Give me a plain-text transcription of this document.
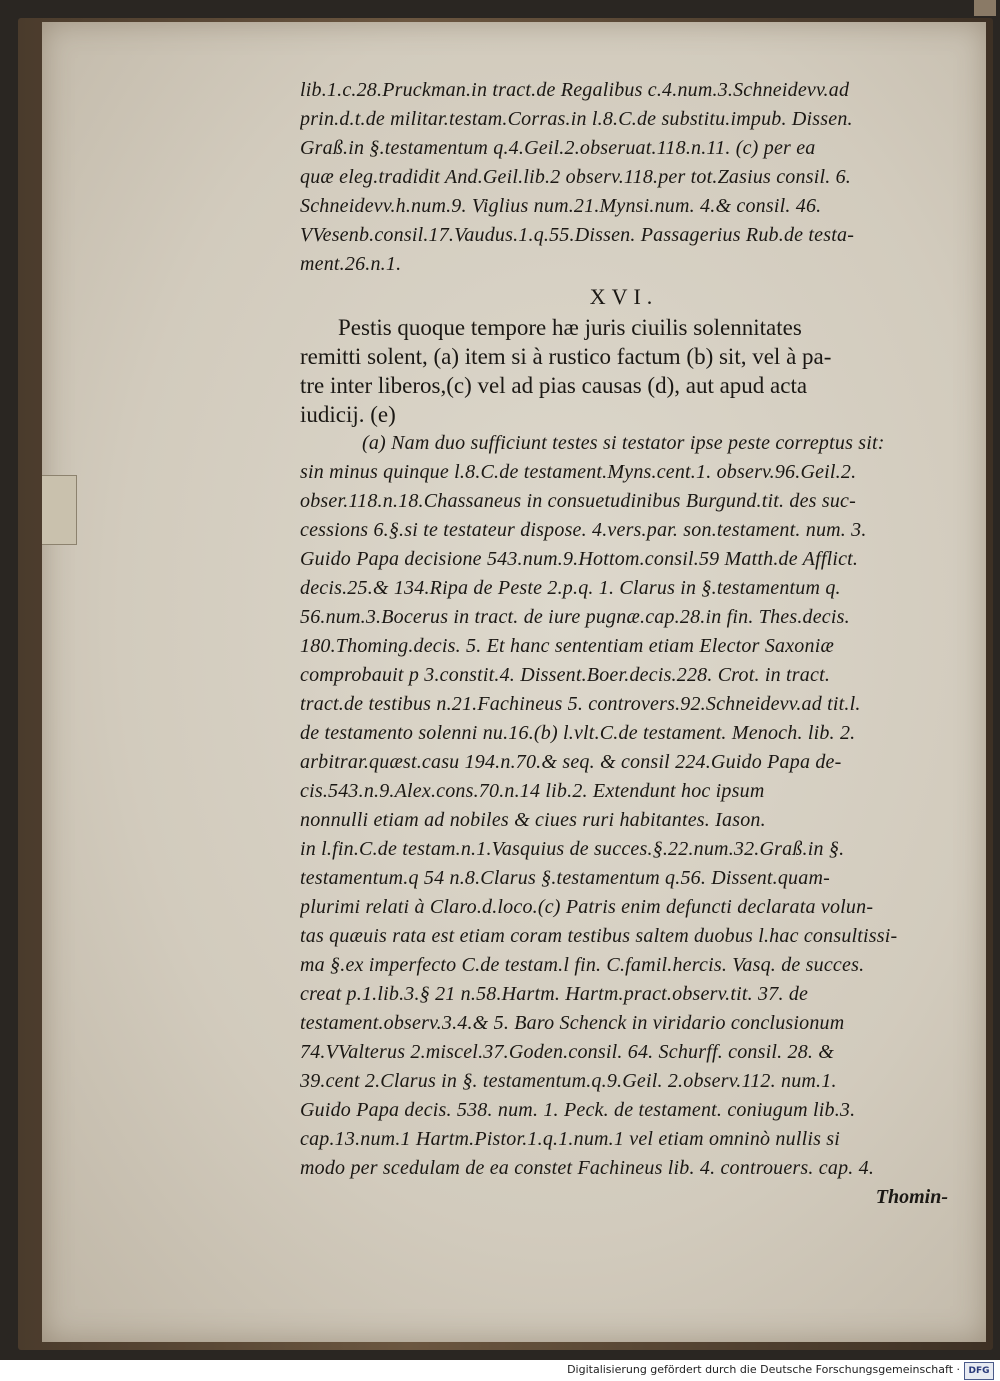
lib.1.c.28.Pruckman.in tract.de Regalibus c.4.num.3.Schneidevv.ad
prin.d.t.de militar.testam.Corras.in l.8.C.de substitu.impub. Dissen.
Graß.in §.testamentum q.4.Geil.2.obseruat.118.n.11. (c) per ea
quæ eleg.tradidit And.Geil.lib.2 observ.118.per tot.Zasius consil. 6.
Schneidevv.h.num.9. Viglius num.21.Mynsi.num. 4.& consil. 46.
VVesenb.consil.17.Vaudus.1.q.55.Dissen. Passagerius Rub.de testa-
ment.26.n.1.
XVI.
Pestis quoque tempore hæ juris ciuilis solennitates
remitti solent, (a) item si à rustico factum (b) sit, vel à pa-
tre inter liberos,(c) vel ad pias causas (d), aut apud acta
iudicij. (e)
(a) Nam duo sufficiunt testes si testator ipse peste correptus sit:
sin minus quinque l.8.C.de testament.Myns.cent.1. observ.96.Geil.2.
obser.118.n.18.Chassaneus in consuetudinibus Burgund.tit. des suc-
cessions 6.§.si te testateur dispose. 4.vers.par. son.testament. num. 3.
Guido Papa decisione 543.num.9.Hottom.consil.59 Matth.de Afflict.
decis.25.& 134.Ripa de Peste 2.p.q. 1. Clarus in §.testamentum q.
56.num.3.Bocerus in tract. de iure pugnæ.cap.28.in fin. Thes.decis.
180.Thoming.decis. 5. Et hanc sententiam etiam Elector Saxoniæ
comprobauit p 3.constit.4. Dissent.Boer.decis.228. Crot. in tract.
tract.de testibus n.21.Fachineus 5. controvers.92.Schneidevv.ad tit.l.
de testamento solenni nu.16.(b) l.vlt.C.de testament. Menoch. lib. 2.
arbitrar.quæst.casu 194.n.70.& seq. & consil 224.Guido Papa de-
cis.543.n.9.Alex.cons.70.n.14 lib.2. Extendunt hoc ipsum
nonnulli etiam ad nobiles & ciues ruri habitantes. Iason.
in l.fin.C.de testam.n.1.Vasquius de succes.§.22.num.32.Graß.in §.
testamentum.q 54 n.8.Clarus §.testamentum q.56. Dissent.quam-
plurimi relati à Claro.d.loco.(c) Patris enim defuncti declarata volun-
tas quæuis rata est etiam coram testibus saltem duobus l.hac consultissi-
ma §.ex imperfecto C.de testam.l fin. C.famil.hercis. Vasq. de succes.
creat p.1.lib.3.§ 21 n.58.Hartm. Hartm.pract.observ.tit. 37. de
testament.observ.3.4.& 5. Baro Schenck in viridario conclusionum
74.VValterus 2.miscel.37.Goden.consil. 64. Schurff. consil. 28. &
39.cent 2.Clarus in §. testamentum.q.9.Geil. 2.observ.112. num.1.
Guido Papa decis. 538. num. 1. Peck. de testament. coniugum lib.3.
cap.13.num.1 Hartm.Pistor.1.q.1.num.1 vel etiam omninò nullis si
modo per scedulam de ea constet Fachineus lib. 4. controuers. cap. 4.
Thomin-
Digitalisierung gefördert durch die Deutsche Forschungsgemeinschaft · DFG
